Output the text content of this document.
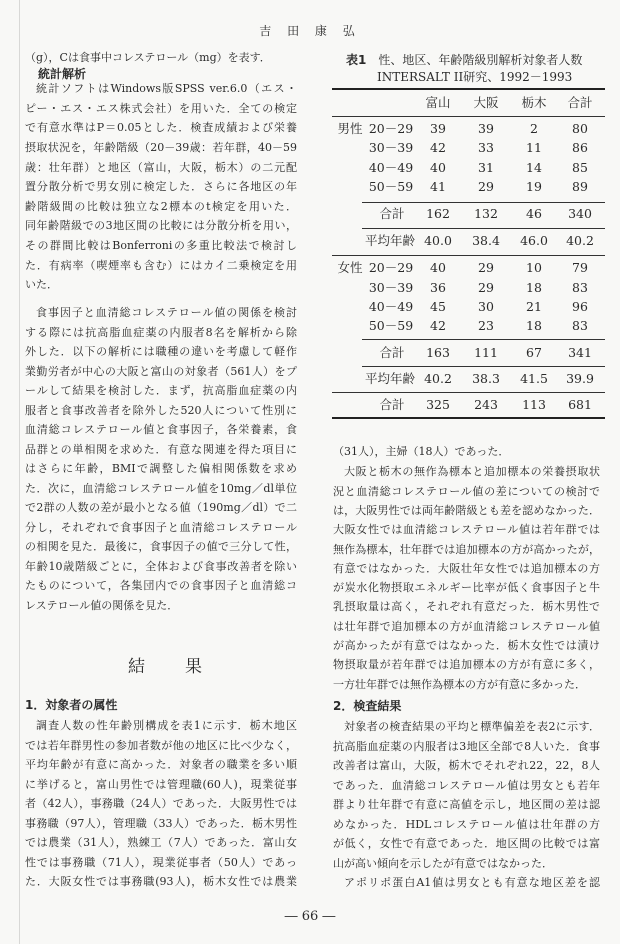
吉 田 康 弘
（g），Cは食事中コレステロール（mg）を表す．
統計解析
統計ソフトはWindows版SPSS ver.6.0（エス・
ピー・エス・エス株式会社）を用いた．全ての検定
で有意水準はP＝0.05とした．検査成績および栄養
摂取状況を，年齢階級（20－39歳：若年群，40－59
歳：壮年群）と地区（富山，大阪，栃木）の二元配
置分散分析で男女別に検定した．さらに各地区の年
齢階級間の比較は独立な2標本のt検定を用いた．
同年齢階級での3地区間の比較には分散分析を用い，
その群間比較はBonferroniの多重比較法で検討し
た．有病率（喫煙率も含む）にはカイ二乗検定を用
いた．
食事因子と血清総コレステロール値の関係を検討
する際には抗高脂血症薬の内服者8名を解析から除
外した．以下の解析には職種の違いを考慮して軽作
業勤労者が中心の大阪と富山の対象者（561人）をプ
ールして結果を検討した．まず，抗高脂血症薬の内
服者と食事改善者を除外した520人について性別に
血清総コレステロール値と食事因子，各栄養素，食
品群との単相関を求めた．有意な関連を得た項目に
はさらに年齢，BMIで調整した偏相関係数を求め
た．次に，血清総コレステロール値を10mg／dl単位
で2群の人数の差が最小となる値（190mg／dl）で二
分し，それぞれで食事因子と血清総コレステロール
の相関を見た．最後に，食事因子の値で三分して性，
年齢10歳階級ごとに，全体および食事改善者を除い
たものについて，各集団内での食事因子と血清総コ
レステロール値の関係を見た．
結果
1．対象者の属性
調査人数の性年齢別構成を表1に示す．栃木地区
では若年群男性の参加者数が他の地区に比べ少なく，
平均年齢が有意に高かった．対象者の職業を多い順
に挙げると，富山男性では管理職(60人)，現業従事
者（42人），事務職（24人）であった．大阪男性では
事務職（97人），管理職（33人）であった．栃木男性
では農業（31人），熟練工（7人）であった．富山女
性では事務職（71人），現業従事者（50人）であっ
た．大阪女性では事務職(93人)，栃木女性では農業
（31人），主婦（18人）であった．
大阪と栃木の無作為標本と追加標本の栄養摂取状
況と血清総コレステロール値の差についての検討で
は，大阪男性では両年齢階級とも差を認めなかった．
大阪女性では血清総コレステロール値は若年群では
無作為標本，壮年群では追加標本の方が高かったが，
有意ではなかった．大阪壮年女性では追加標本の方
が炭水化物摂取エネルギー比率が低く食事因子と牛
乳摂取量は高く，それぞれ有意だった．栃木男性で
は壮年群で追加標本の方が血清総コレステロール値
が高かったが有意ではなかった．栃木女性では漬け
物摂取量が若年群では追加標本の方が有意に多く，
一方壮年群では無作為標本の方が有意に多かった．
2．検査結果
対象者の検査結果の平均と標準偏差を表2に示す．
抗高脂血症薬の内服者は3地区全部で8人いた．食事
改善者は富山，大阪，栃木でそれぞれ22，22，8人
であった．血清総コレステロール値は男女とも若年
群より壮年群で有意に高値を示し，地区間の差は認
めなかった．HDLコレステロール値は壮年群の方
が低く，女性で有意であった．地区間の比較では富
山が高い傾向を示したが有意ではなかった．
アポリポ蛋白A1値は男女とも有意な地区差を認
表1　 性、地区、年齢階級別解析対象者人数
INTERSALT II研究、1992－1993
富山 大阪 栃木 合計
男性 20－29 39	39	2	80
30－39 42	33	11 86
40－49 40	31	14 85
50－59 41	29	19 89
合計 162 132 46 340
平均年齢 40.0 38.4 46.0 40.2
女性 20－29 40	29	10 79
30－39 36	29	18 83
40－49 45	30	21 96
50－59 42	23	18 83
合計 163 111 67 341
平均年齢 40.2 38.3 41.5 39.9
合計 325 243 113 681
― 66 ―
